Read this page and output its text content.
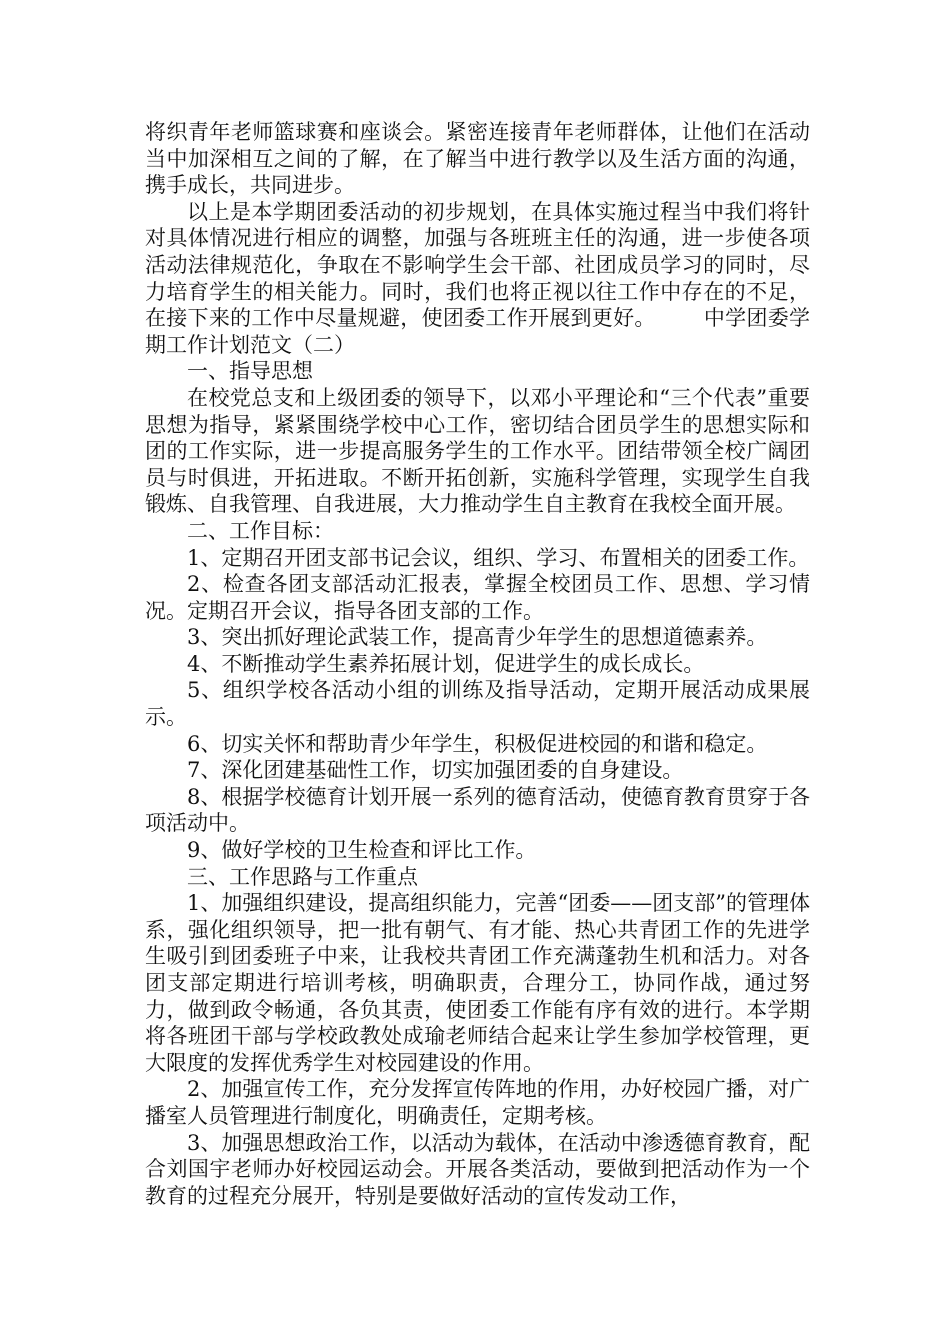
将织青年老师篮球赛和座谈会。紧密连接青年老师群体，让他们在活动当中加深相互之间的了解，在了解当中进行教学以及生活方面的沟通，携手成长，共同进步。

以上是本学期团委活动的初步规划，在具体实施过程当中我们将针对具体情况进行相应的调整，加强与各班班主任的沟通，进一步使各项活动法律规范化，争取在不影响学生会干部、社团成员学习的同时，尽力培育学生的相关能力。同时，我们也将正视以往工作中存在的不足，在接下来的工作中尽量规避，使团委工作开展到更好。 中学团委学期工作计划范文（二）

一、指导思想

在校党总支和上级团委的领导下，以邓小平理论和“三个代表”重要思想为指导，紧紧围绕学校中心工作，密切结合团员学生的思想实际和团的工作实际，进一步提高服务学生的工作水平。团结带领全校广阔团员与时俱进，开拓进取。不断开拓创新，实施科学管理，实现学生自我锻炼、自我管理、自我进展，大力推动学生自主教育在我校全面开展。

二、工作目标：

1、定期召开团支部书记会议，组织、学习、布置相关的团委工作。

2、检查各团支部活动汇报表，掌握全校团员工作、思想、学习情况。定期召开会议，指导各团支部的工作。

3、突出抓好理论武装工作，提高青少年学生的思想道德素养。

4、不断推动学生素养拓展计划，促进学生的成长成长。

5、组织学校各活动小组的训练及指导活动，定期开展活动成果展示。

6、切实关怀和帮助青少年学生，积极促进校园的和谐和稳定。

7、深化团建基础性工作，切实加强团委的自身建设。

8、根据学校德育计划开展一系列的德育活动，使德育教育贯穿于各项活动中。

9、做好学校的卫生检查和评比工作。

三、工作思路与工作重点

1、加强组织建设，提高组织能力，完善“团委——团支部”的管理体系，强化组织领导，把一批有朝气、有才能、热心共青团工作的先进学生吸引到团委班子中来，让我校共青团工作充满蓬勃生机和活力。对各团支部定期进行培训考核，明确职责，合理分工，协同作战，通过努力，做到政令畅通，各负其责，使团委工作能有序有效的进行。本学期将各班团干部与学校政教处成瑜老师结合起来让学生参加学校管理，更大限度的发挥优秀学生对校园建设的作用。

2、加强宣传工作，充分发挥宣传阵地的作用，办好校园广播，对广播室人员管理进行制度化，明确责任，定期考核。

3、加强思想政治工作，以活动为载体，在活动中渗透德育教育，配合刘国宇老师办好校园运动会。开展各类活动，要做到把活动作为一个教育的过程充分展开，特别是要做好活动的宣传发动工作，
